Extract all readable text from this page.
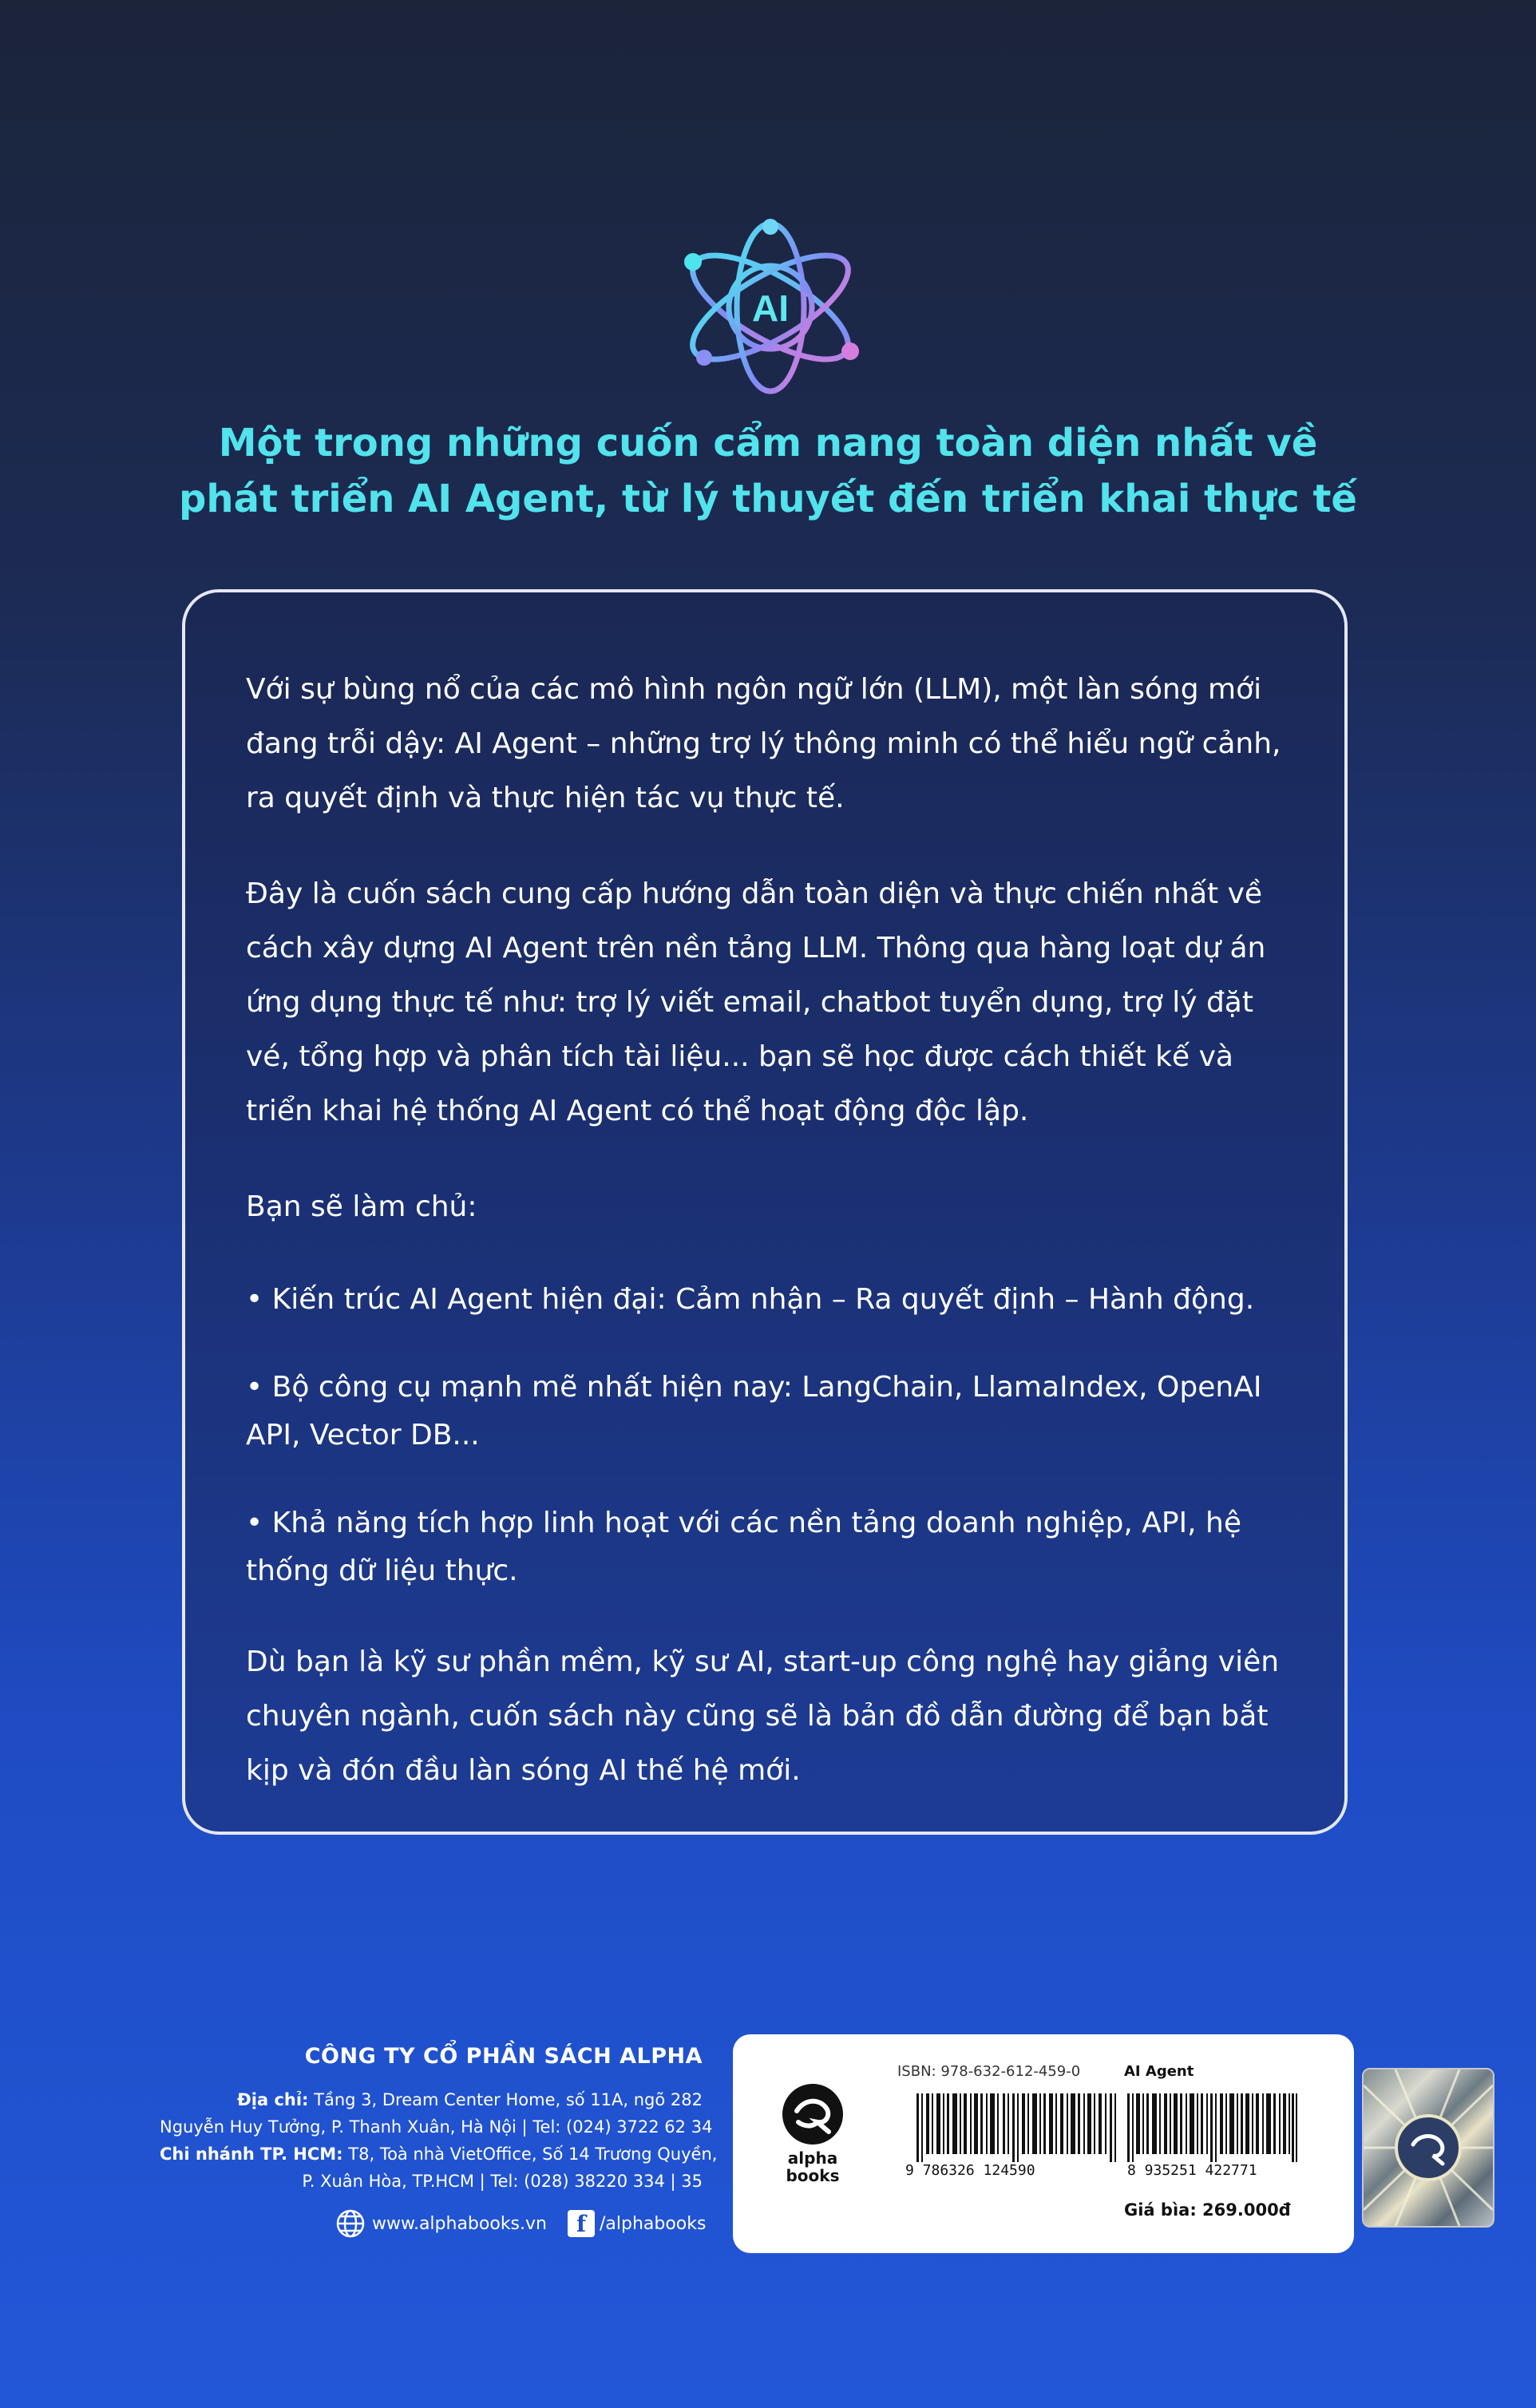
AI
Một trong những cuốn cẩm nang toàn diện nhất về
phát triển AI Agent, từ lý thuyết đến triển khai thực tế

Với sự bùng nổ của các mô hình ngôn ngữ lớn (LLM), một làn sóng mới đang trỗi dậy: AI Agent – những trợ lý thông minh có thể hiểu ngữ cảnh, ra quyết định và thực hiện tác vụ thực tế.

Đây là cuốn sách cung cấp hướng dẫn toàn diện và thực chiến nhất về cách xây dựng AI Agent trên nền tảng LLM. Thông qua hàng loạt dự án ứng dụng thực tế như: trợ lý viết email, chatbot tuyển dụng, trợ lý đặt vé, tổng hợp và phân tích tài liệu... bạn sẽ học được cách thiết kế và triển khai hệ thống AI Agent có thể hoạt động độc lập.

Bạn sẽ làm chủ:

• Kiến trúc AI Agent hiện đại: Cảm nhận – Ra quyết định – Hành động.

• Bộ công cụ mạnh mẽ nhất hiện nay: LangChain, LlamaIndex, OpenAI API, Vector DB...

• Khả năng tích hợp linh hoạt với các nền tảng doanh nghiệp, API, hệ thống dữ liệu thực.

Dù bạn là kỹ sư phần mềm, kỹ sư AI, start-up công nghệ hay giảng viên chuyên ngành, cuốn sách này cũng sẽ là bản đồ dẫn đường để bạn bắt kịp và đón đầu làn sóng AI thế hệ mới.

CÔNG TY CỔ PHẦN SÁCH ALPHA
Địa chỉ: Tầng 3, Dream Center Home, số 11A, ngõ 282
Nguyễn Huy Tưởng, P. Thanh Xuân, Hà Nội | Tel: (024) 3722 62 34
Chi nhánh TP. HCM: T8, Toà nhà VietOffice, Số 14 Trương Quyền,
P. Xuân Hòa, TP.HCM | Tel: (028) 38220 334 | 35
www.alphabooks.vn	f /alphabooks
alpha
books
ISBN: 978-632-612-459-0	AI Agent
9 786326 124590	8 935251 422771
Giá bìa: 269.000đ
